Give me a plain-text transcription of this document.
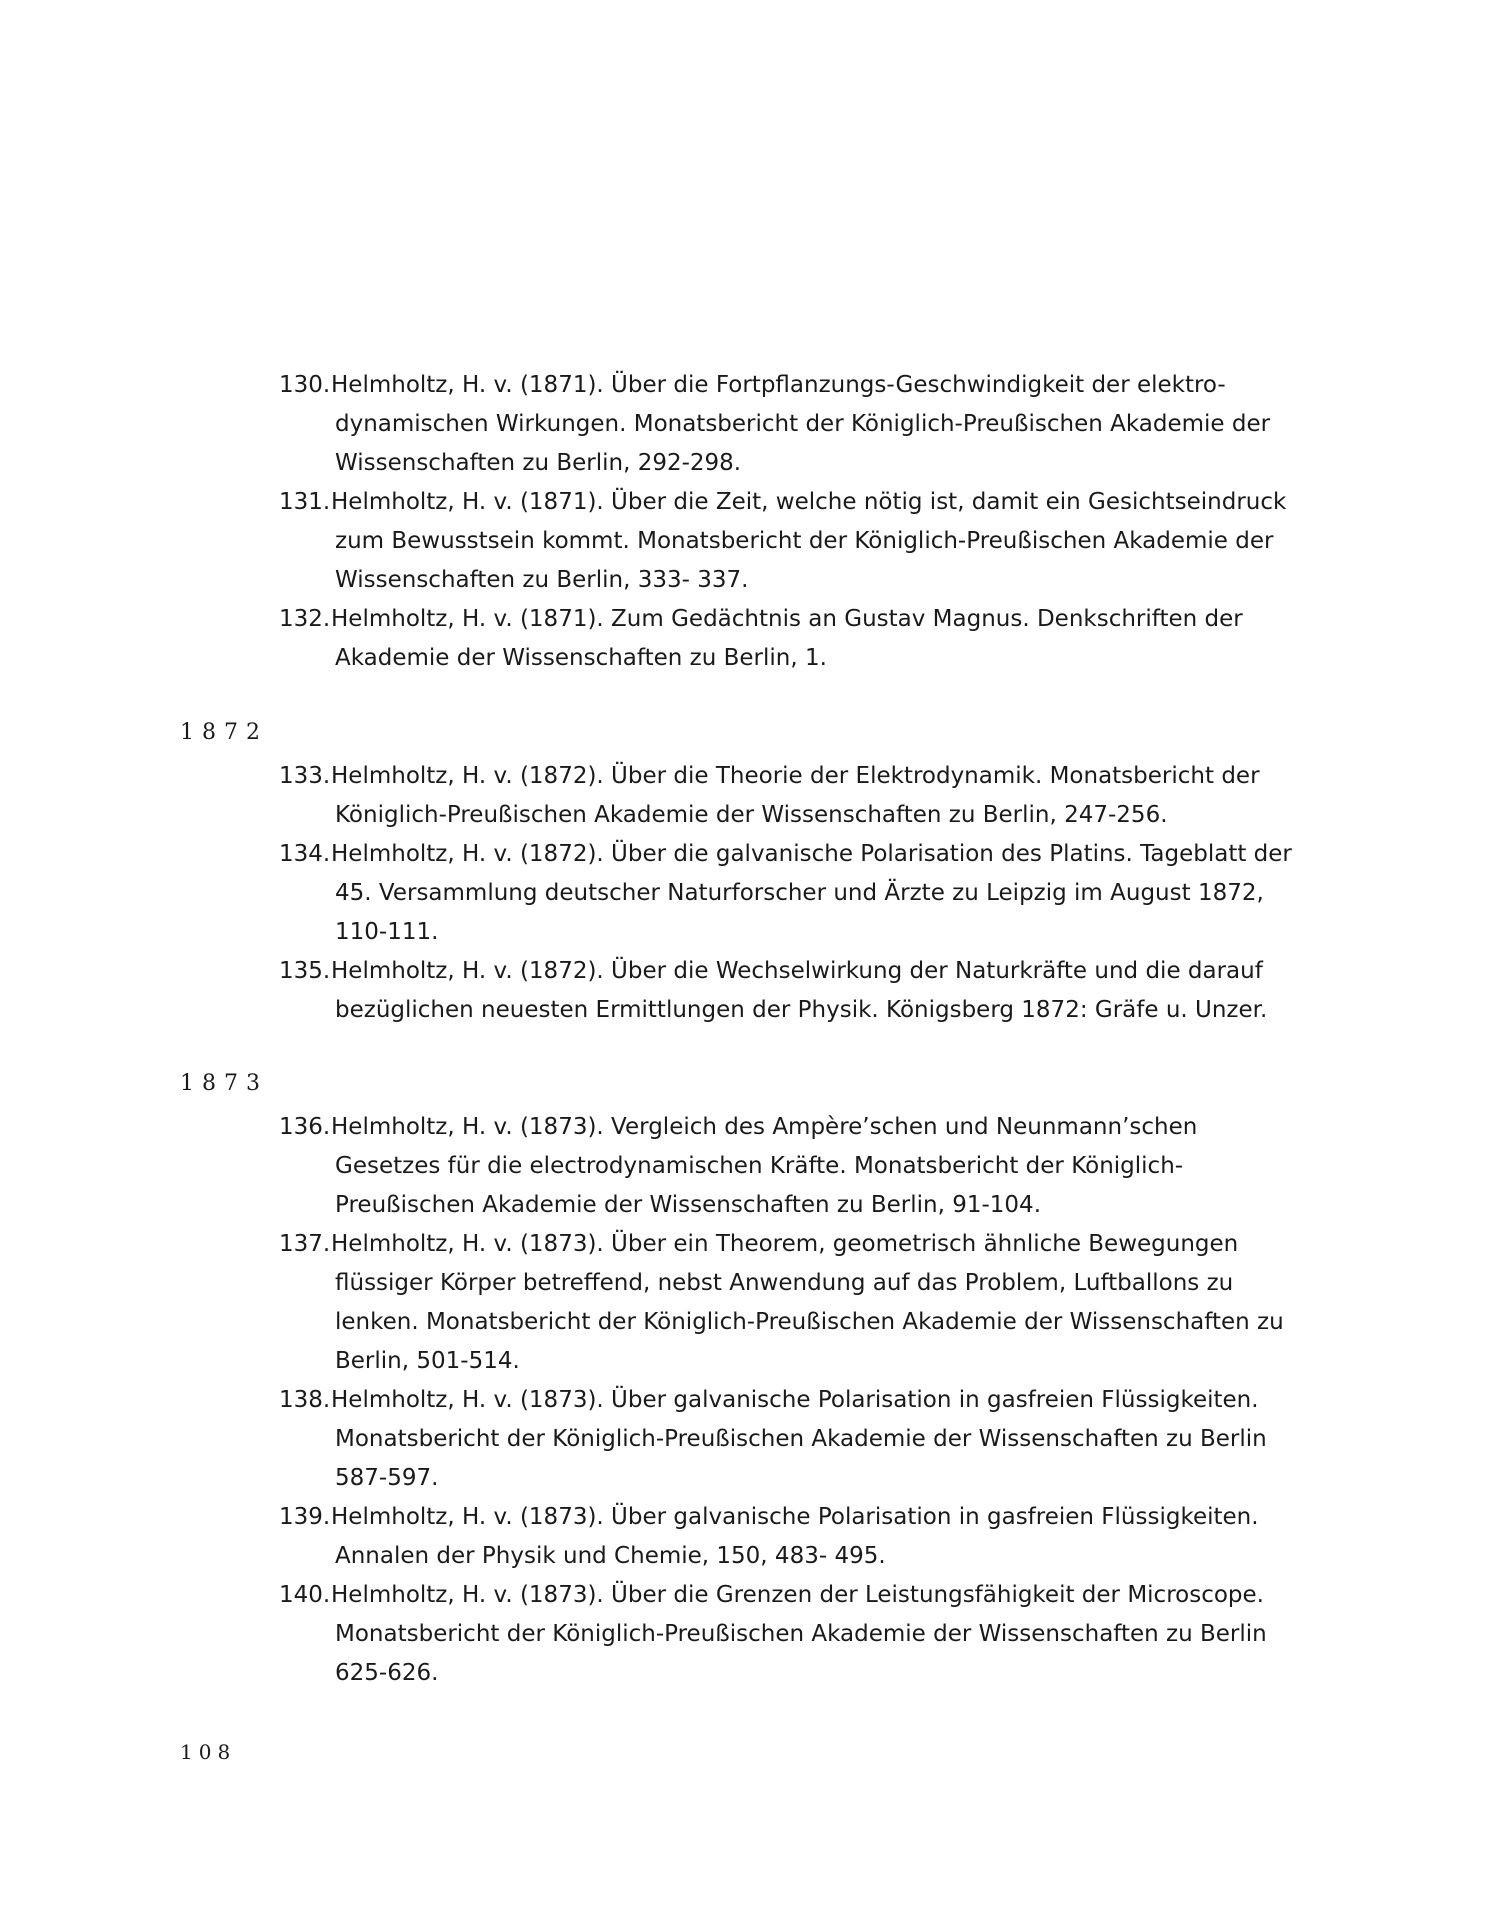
130.Helmholtz, H. v. (1871). Über die Fortpflanzungs-Geschwindigkeit der elektro- dynamischen Wirkungen. Monatsbericht der Königlich-Preußischen Akademie der Wissenschaften zu Berlin, 292-298.
131.Helmholtz, H. v. (1871). Über die Zeit, welche nötig ist, damit ein Gesichtseindruck zum Bewusstsein kommt. Monatsbericht der Königlich-Preußischen Akademie der Wissenschaften zu Berlin, 333- 337.
132.Helmholtz, H. v. (1871). Zum Gedächtnis an Gustav Magnus. Denkschriften der Akademie der Wissenschaften zu Berlin, 1.
1872
133.Helmholtz, H. v. (1872). Über die Theorie der Elektrodynamik. Monatsbericht der Königlich-Preußischen Akademie der Wissenschaften zu Berlin, 247-256.
134.Helmholtz, H. v. (1872). Über die galvanische Polarisation des Platins. Tageblatt der 45. Versammlung deutscher Naturforscher und Ärzte zu Leipzig im August 1872, 110-111.
135.Helmholtz, H. v. (1872). Über die Wechselwirkung der Naturkräfte und die darauf bezüglichen neuesten Ermittlungen der Physik. Königsberg 1872: Gräfe u. Unzer.
1873
136.Helmholtz, H. v. (1873). Vergleich des Ampère’schen und Neunmann’schen Gesetzes für die electrodynamischen Kräfte. Monatsbericht der Königlich-Preußischen Akademie der Wissenschaften zu Berlin, 91-104.
137.Helmholtz, H. v. (1873). Über ein Theorem, geometrisch ähnliche Bewegungen flüssiger Körper betreffend, nebst Anwendung auf das Problem, Luftballons zu lenken. Monatsbericht der Königlich-Preußischen Akademie der Wissenschaften zu Berlin, 501-514.
138.Helmholtz, H. v. (1873). Über galvanische Polarisation in gasfreien Flüssigkeiten. Monatsbericht der Königlich-Preußischen Akademie der Wissenschaften zu Berlin 587-597.
139.Helmholtz, H. v. (1873). Über galvanische Polarisation in gasfreien Flüssigkeiten. Annalen der Physik und Chemie, 150, 483- 495.
140.Helmholtz, H. v. (1873). Über die Grenzen der Leistungsfähigkeit der Microscope. Monatsbericht der Königlich-Preußischen Akademie der Wissenschaften zu Berlin 625-626.
108
